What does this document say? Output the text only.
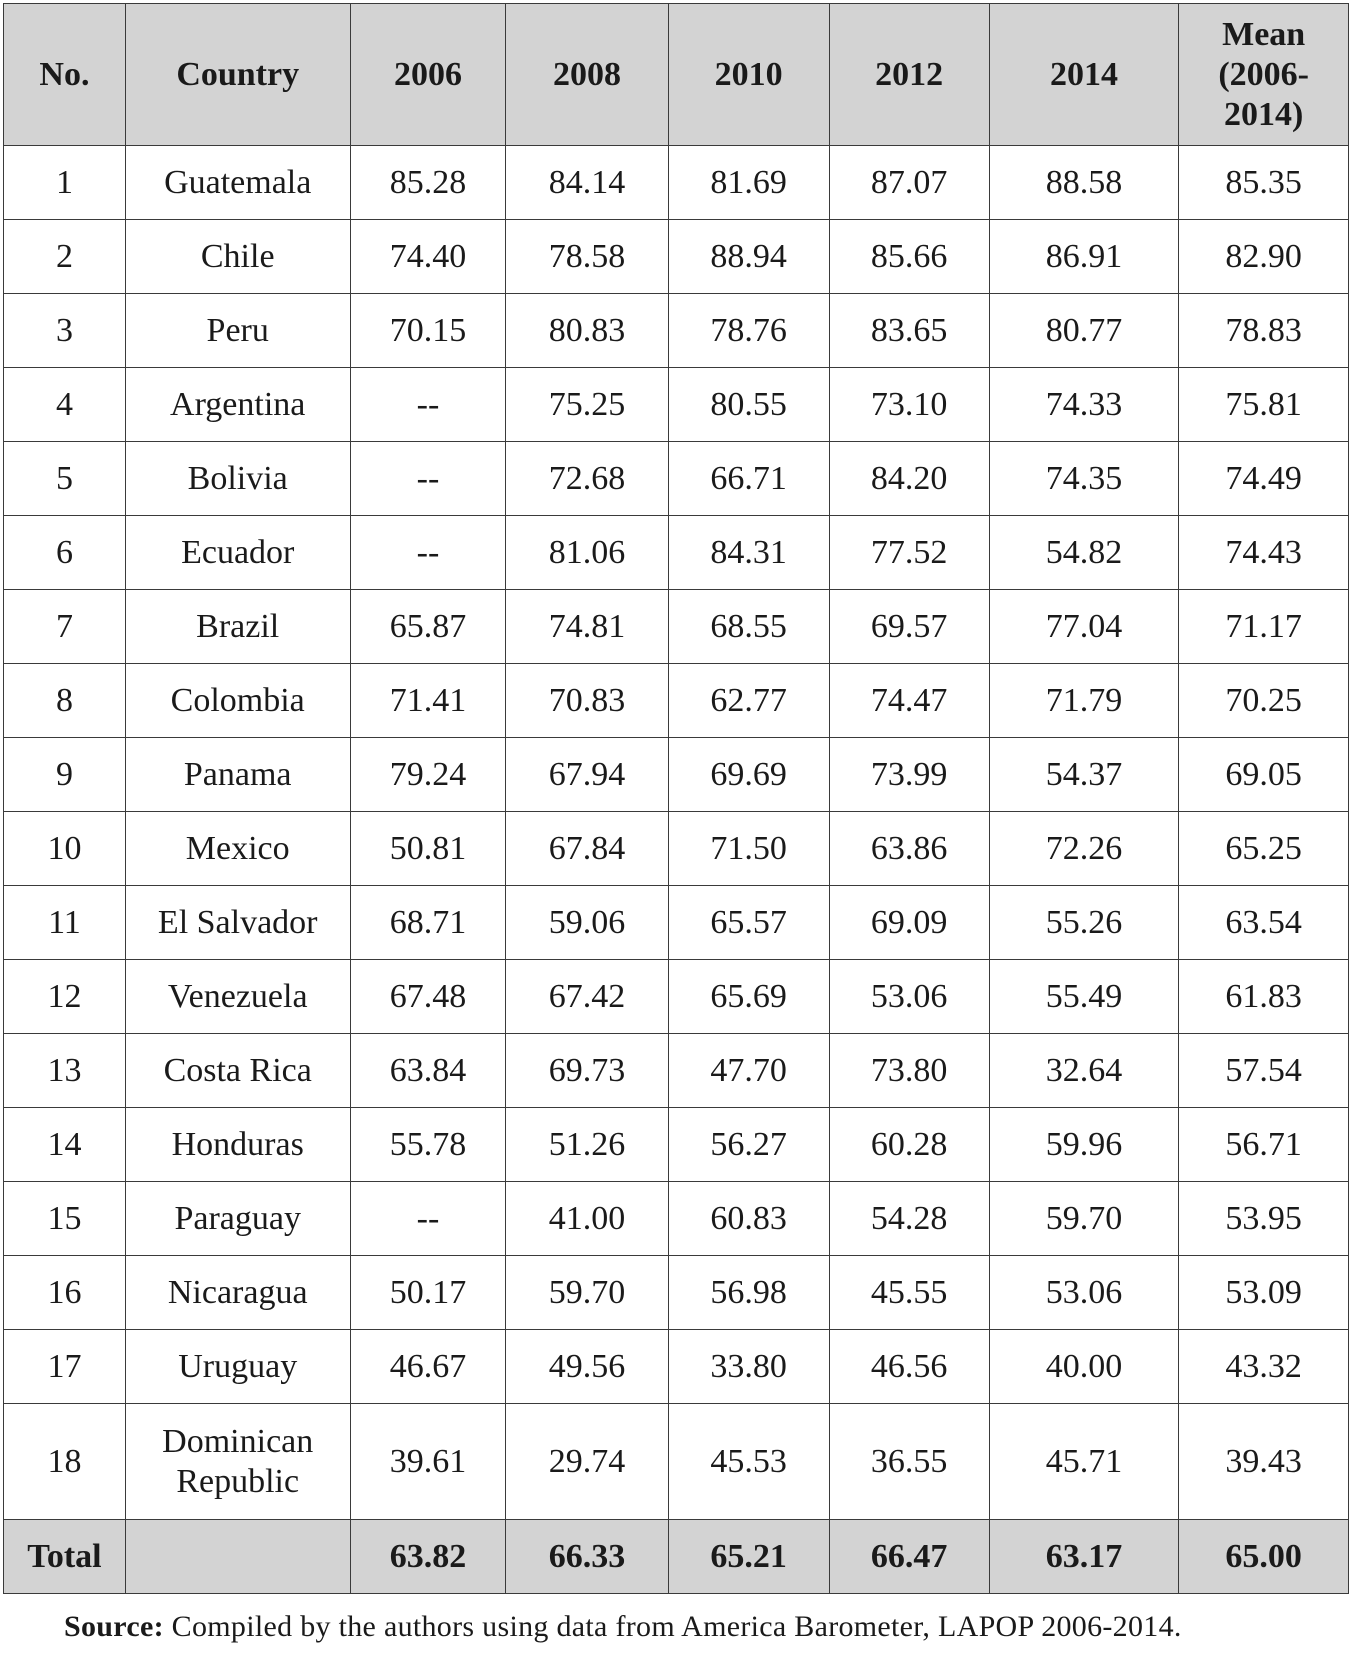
No.	Country	2006	2008	2010	2012	2014	Mean
(2006-
2014)

1	Guatemala	85.28	84.14	81.69	87.07	88.58	85.35
2	Chile	74.40	78.58	88.94	85.66	86.91	82.90
3	Peru	70.15	80.83	78.76	83.65	80.77	78.83
4	Argentina	--	75.25	80.55	73.10	74.33	75.81
5	Bolivia	--	72.68	66.71	84.20	74.35	74.49
6	Ecuador	--	81.06	84.31	77.52	54.82	74.43
7	Brazil	65.87	74.81	68.55	69.57	77.04	71.17
8	Colombia	71.41	70.83	62.77	74.47	71.79	70.25
9	Panama	79.24	67.94	69.69	73.99	54.37	69.05
10	Mexico	50.81	67.84	71.50	63.86	72.26	65.25
11	El Salvador	68.71	59.06	65.57	69.09	55.26	63.54
12	Venezuela	67.48	67.42	65.69	53.06	55.49	61.83
13	Costa Rica	63.84	69.73	47.70	73.80	32.64	57.54
14	Honduras	55.78	51.26	56.27	60.28	59.96	56.71
15	Paraguay	--	41.00	60.83	54.28	59.70	53.95
16	Nicaragua	50.17	59.70	56.98	45.55	53.06	53.09
17	Uruguay	46.67	49.56	33.80	46.56	40.00	43.32
18	Dominican
Republic	39.61	29.74	45.53	36.55	45.71	39.43
Total		63.82	66.33	65.21	66.47	63.17	65.00
Source: Compiled by the authors using data from America Barometer, LAPOP 2006-2014.
